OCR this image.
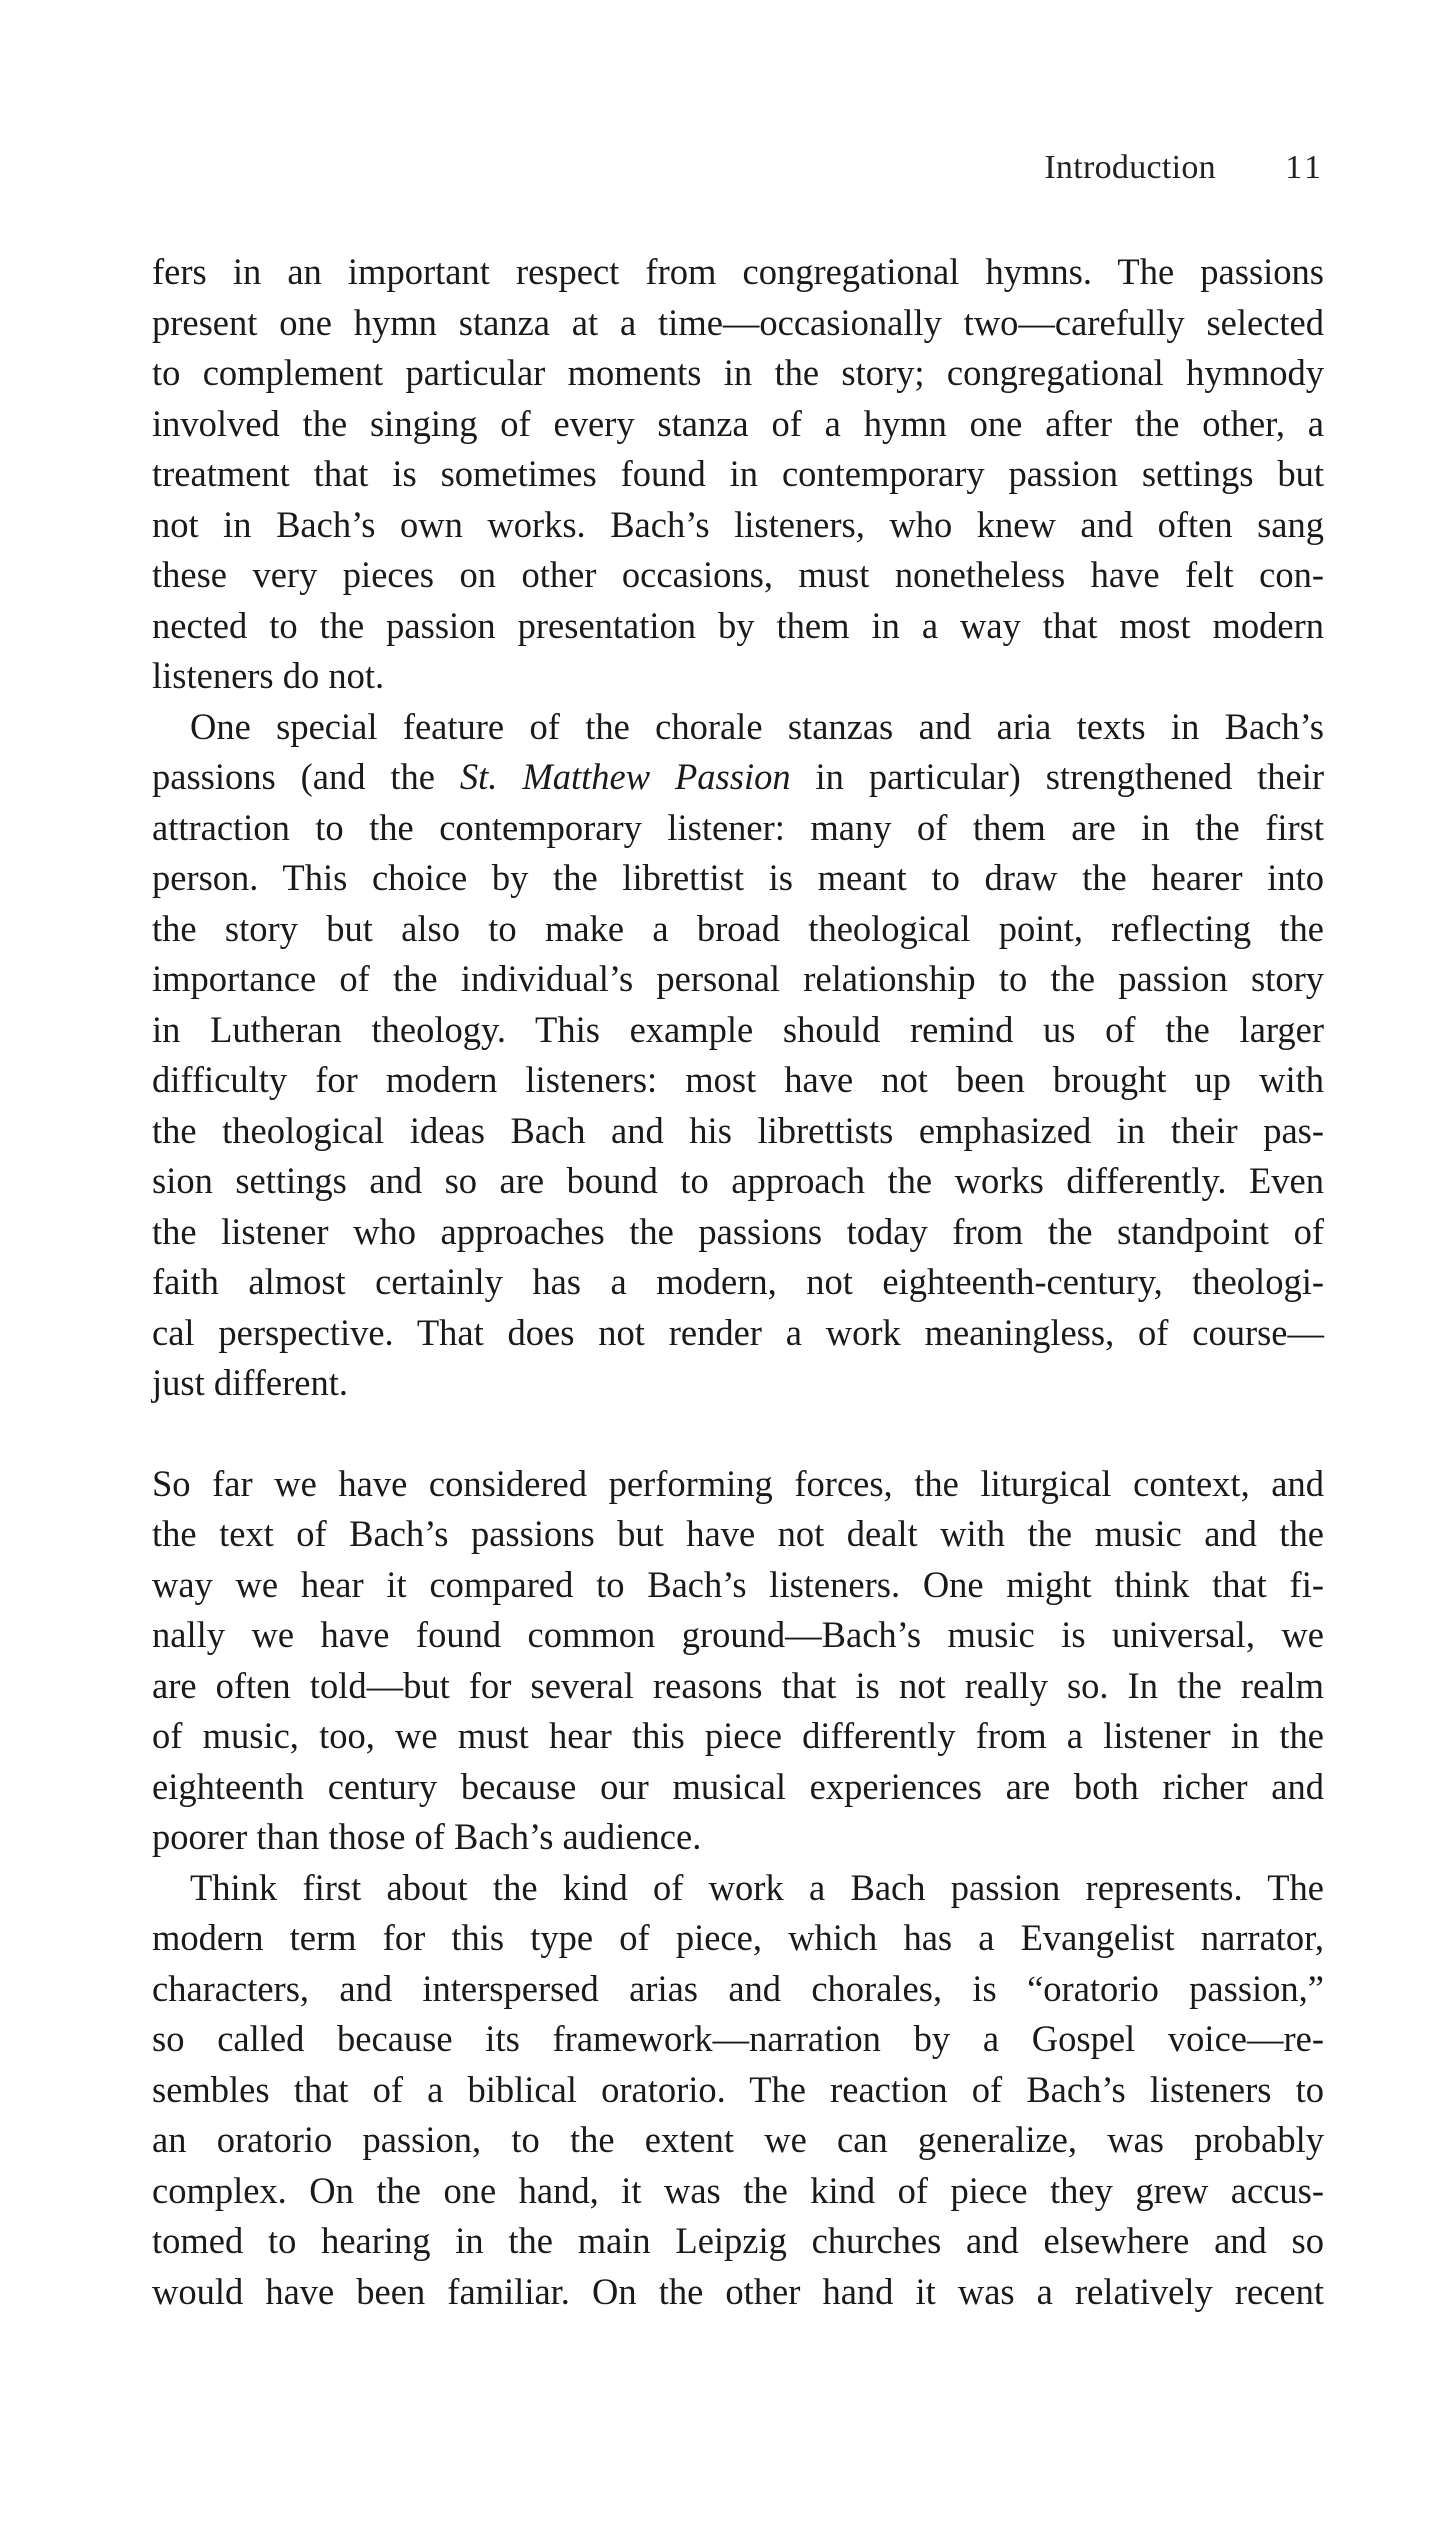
Introduction 11

fers in an important respect from congregational hymns. The passions
present one hymn stanza at a time—occasionally two—carefully selected
to complement particular moments in the story; congregational hymnody
involved the singing of every stanza of a hymn one after the other, a
treatment that is sometimes found in contemporary passion settings but
not in Bach’s own works. Bach’s listeners, who knew and often sang
these very pieces on other occasions, must nonetheless have felt con-
nected to the passion presentation by them in a way that most modern
listeners do not.

One special feature of the chorale stanzas and aria texts in Bach’s
passions (and the St. Matthew Passion in particular) strengthened their
attraction to the contemporary listener: many of them are in the first
person. This choice by the librettist is meant to draw the hearer into
the story but also to make a broad theological point, reflecting the
importance of the individual’s personal relationship to the passion story
in Lutheran theology. This example should remind us of the larger
difficulty for modern listeners: most have not been brought up with
the theological ideas Bach and his librettists emphasized in their pas-
sion settings and so are bound to approach the works differently. Even
the listener who approaches the passions today from the standpoint of
faith almost certainly has a modern, not eighteenth-century, theologi-
cal perspective. That does not render a work meaningless, of course—
just different.

So far we have considered performing forces, the liturgical context, and
the text of Bach’s passions but have not dealt with the music and the
way we hear it compared to Bach’s listeners. One might think that fi-
nally we have found common ground—Bach’s music is universal, we
are often told—but for several reasons that is not really so. In the realm
of music, too, we must hear this piece differently from a listener in the
eighteenth century because our musical experiences are both richer and
poorer than those of Bach’s audience.

Think first about the kind of work a Bach passion represents. The
modern term for this type of piece, which has a Evangelist narrator,
characters, and interspersed arias and chorales, is “oratorio passion,”
so called because its framework—narration by a Gospel voice—re-
sembles that of a biblical oratorio. The reaction of Bach’s listeners to
an oratorio passion, to the extent we can generalize, was probably
complex. On the one hand, it was the kind of piece they grew accus-
tomed to hearing in the main Leipzig churches and elsewhere and so
would have been familiar. On the other hand it was a relatively recent
